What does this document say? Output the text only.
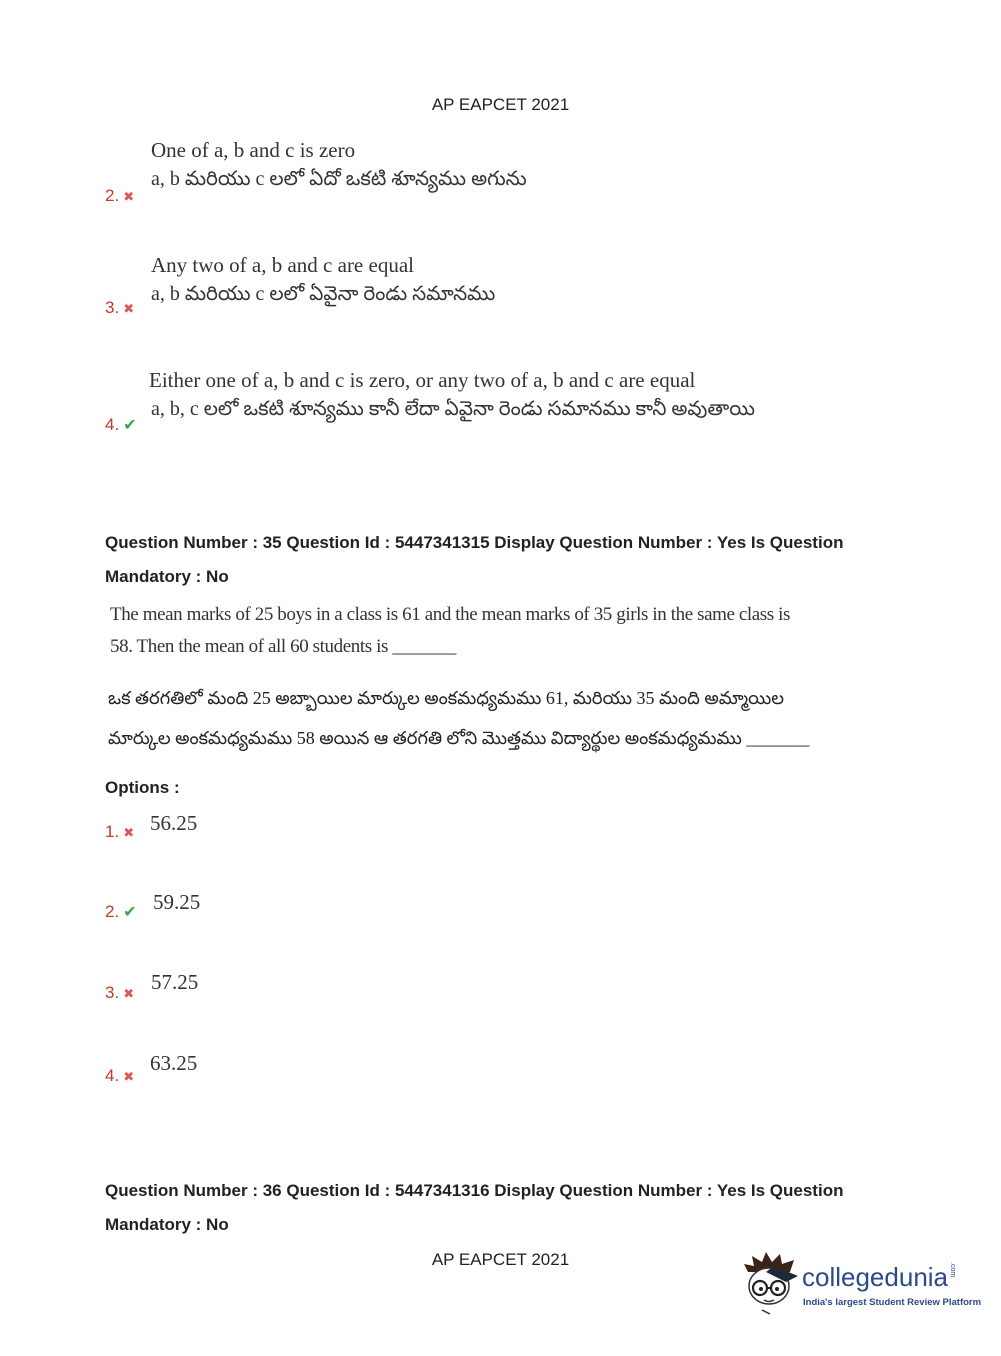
AP EAPCET 2021
One of a, b and c is zero
a, b మరియు c లలో ఏదో ఒకటి శూన్యము అగును
2. ✖
Any two of a, b and c are equal
a, b మరియు c లలో ఏవైనా రెండు సమానము
3. ✖
Either one of a, b and c is zero, or any two of a, b and c are equal
a, b, c లలో ఒకటి శూన్యము కానీ లేదా ఏవైనా రెండు సమానము కానీ అవుతాయి
4. ✔
Question Number : 35 Question Id : 5447341315 Display Question Number : Yes Is Question
Mandatory : No
The mean marks of 25 boys in a class is 61 and the mean marks of 35 girls in the same class is
58. Then the mean of all 60 students is _______
ఒక తరగతిలో మంది 25 అబ్బాయిల మార్కుల అంకమధ్యమము 61, మరియు 35 మంది అమ్మాయిల
మార్కుల అంకమధ్యమము 58 అయిన ఆ తరగతి లోని మొత్తము విద్యార్థుల అంకమధ్యమము _______
Options :
1. ✖ 56.25
2. ✔ 59.25
3. ✖ 57.25
4. ✖
63.25
Question Number : 36 Question Id : 5447341316 Display Question Number : Yes Is Question
Mandatory : No
AP EAPCET 2021
collegedunia.com
India's largest Student Review Platform
